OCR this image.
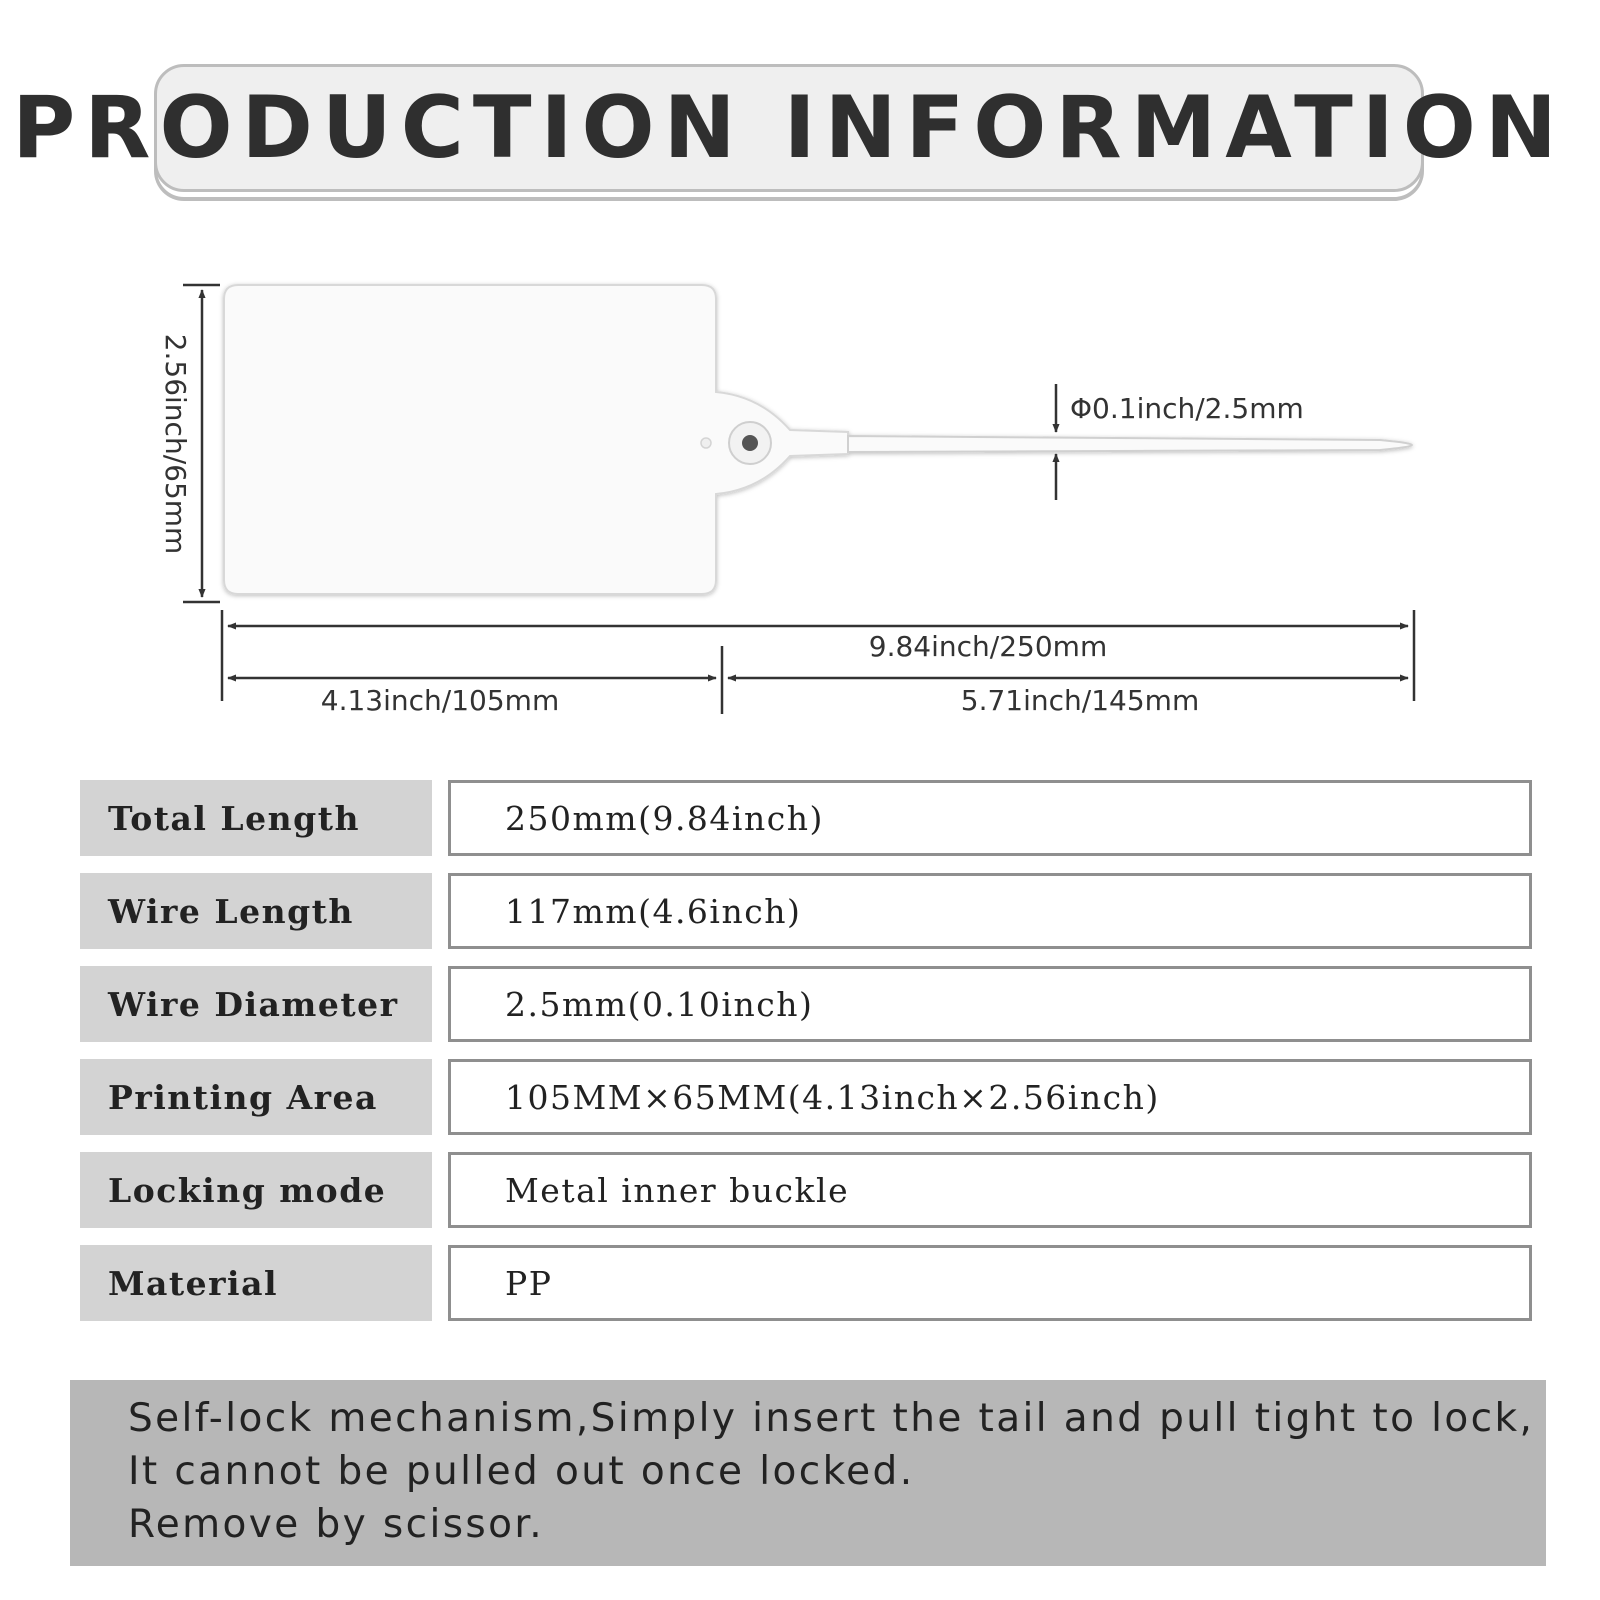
PRODUCTION INFORMATION
2.56inch/65mm	Φ0.1inch/2.5mm
9.84inch/250mm
4.13inch/105mm	5.71inch/145mm
Total Length	250mm(9.84inch)
Wire Length	117mm(4.6inch)
Wire Diameter	2.5mm(0.10inch)
Printing Area	105MM×65MM(4.13inch×2.56inch)
Locking mode	Metal inner buckle
Material	PP
Self-lock mechanism,Simply insert the tail and pull tight to lock,
It cannot be pulled out once locked.
Remove by scissor.
